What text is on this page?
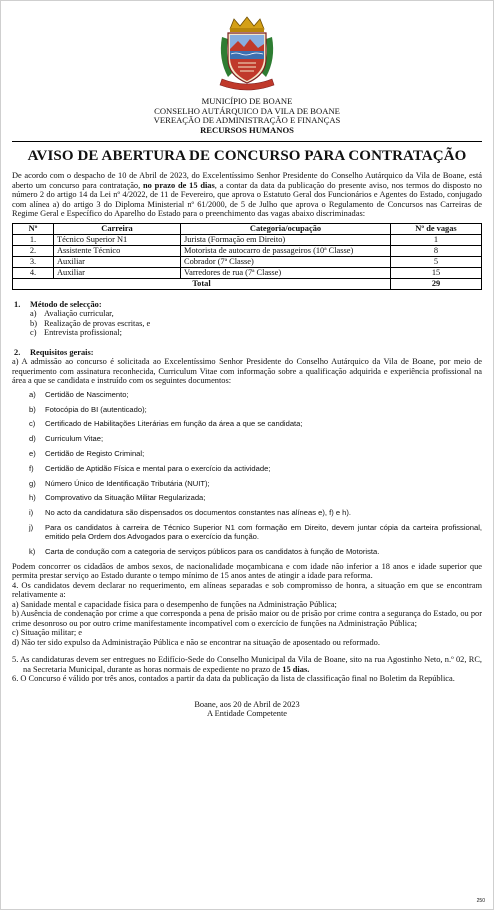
MUNICÍPIO DE BOANE
CONSELHO AUTÁRQUICO DA VILA DE BOANE
VEREAÇÃO DE ADMINISTRAÇÃO E FINANÇAS
RECURSOS HUMANOS
AVISO DE ABERTURA DE CONCURSO PARA CONTRATAÇÃO

De acordo com o despacho de 10 de Abril de 2023, do Excelentíssimo Senhor Presidente do Conselho Autárquico da Vila de Boane, está aberto um concurso para contratação, no prazo de 15 dias, a contar da data da publicação do presente aviso, nos termos do disposto no número 2 do artigo 14 da Lei nº 4/2022, de 11 de Fevereiro, que aprova o Estatuto Geral dos Funcionários e Agentes do Estado, conjugado com alínea a) do artigo 3 do Diploma Ministerial nº 61/2000, de 5 de Julho que aprova o Regulamento de Concursos nas Carreiras de Regime Geral e Específico do Aparelho do Estado para o preenchimento das vagas abaixo discriminadas:

Nº	Carreira	Categoria/ocupação	Nº de vagas
1.	Técnico Superior N1	Jurista (Formação em Direito)	1
2.	Assistente Técnico	Motorista de autocarro de passageiros (10ª Classe)	8
3.	Auxiliar	Cobrador (7ª Classe)	5
4.	Auxiliar	Varredores de rua (7ª Classe)	15
Total			29
1. Método de selecção:
a) Avaliação curricular,
b) Realização de provas escritas, e
c) Entrevista profissional;
2. Requisitos gerais:

a) A admissão ao concurso é solicitada ao Excelentíssimo Senhor Presidente do Conselho Autárquico da Vila de Boane, por meio de requerimento com assinatura reconhecida, Curriculum Vitae com informação sobre a qualificação adquirida e experiência profissional na área a que se candidata e instruído com os seguintes documentos:

a)	Certidão de Nascimento;
b)	Fotocópia do BI (autenticado);
c)	Certificado de Habilitações Literárias em função da área a que se candidata;
d)	Curriculum Vitae;
e)	Certidão de Registo Criminal;
f)	Certidão de Aptidão Física e mental para o exercício da actividade;
g)	Número Único de Identificação Tributária (NUIT);
h)	Comprovativo da Situação Militar Regularizada;
i)	No acto da candidatura são dispensados os documentos constantes nas alíneas e), f) e h).
j)	Para os candidatos à carreira de Técnico Superior N1 com formação em Direito, devem juntar cópia da carteira profissional, emitido pela Ordem dos Advogados para o exercício da função.
k)	Carta de condução com a categoria de serviços públicos para os candidatos à função de Motorista.

Podem concorrer os cidadãos de ambos sexos, de nacionalidade moçambicana e com idade não inferior a 18 anos e idade superior que permita prestar serviço ao Estado durante o tempo mínimo de 15 anos antes de atingir a idade para reforma.

4. Os candidatos devem declarar no requerimento, em alíneas separadas e sob compromisso de honra, a situação em que se encontram relativamente a:

a) Sanidade mental e capacidade física para o desempenho de funções na Administração Pública;

b) Ausência de condenação por crime a que corresponda a pena de prisão maior ou de prisão por crime contra a segurança do Estado, ou por crime desonroso ou por outro crime manifestamente incompatível com o exercício de funções na Administração Pública;

c) Situação militar; e

d) Não ter sido expulso da Administração Pública e não se encontrar na situação de aposentado ou reformado.

5. As candidaturas devem ser entregues no Edifício-Sede do Conselho Municipal da Vila de Boane, sito na rua Agostinho Neto, n.º 02, RC, na Secretaria Municipal, durante as horas normais de expediente no prazo de 15 dias.

6. O Concurso é válido por três anos, contados a partir da data da publicação da lista de classificação final no Boletim da República.

Boane, aos 20 de Abril de 2023
A Entidade Competente
250
